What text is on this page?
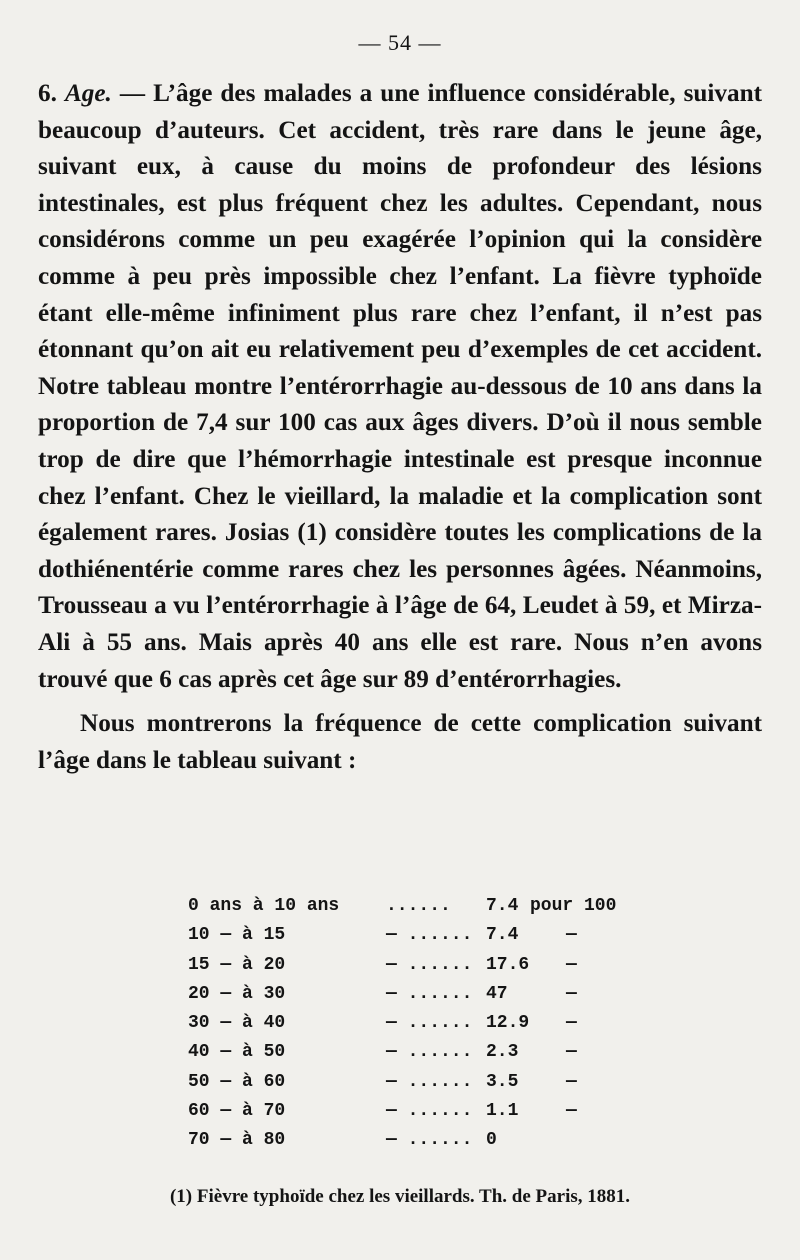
— 54 —

6. Age. — L’âge des malades a une influence considérable, suivant beaucoup d’auteurs. Cet accident, très rare dans le jeune âge, suivant eux, à cause du moins de profondeur des lésions intestinales, est plus fréquent chez les adultes. Cependant, nous considérons comme un peu exagérée l’opinion qui la considère comme à peu près impossible chez l’enfant. La fièvre typhoïde étant elle-même infiniment plus rare chez l’enfant, il n’est pas étonnant qu’on ait eu relativement peu d’exemples de cet accident. Notre tableau montre l’entérorrhagie au-dessous de 10 ans dans la proportion de 7,4 sur 100 cas aux âges divers. D’où il nous semble trop de dire que l’hémorrhagie intestinale est presque inconnue chez l’enfant. Chez le vieillard, la maladie et la complication sont également rares. Josias (1) considère toutes les complications de la dothiénentérie comme rares chez les personnes âgées. Néanmoins, Trousseau a vu l’entérorrhagie à l’âge de 64, Leudet à 59, et Mirza-Ali à 55 ans. Mais après 40 ans elle est rare. Nous n’en avons trouvé que 6 cas après cet âge sur 89 d’entérorrhagies.

Nous montrerons la fréquence de cette complication suivant l’âge dans le tableau suivant :

0 ans à 10 ans	...... 7.4 pour 100
10 — à 15	— ...... 7.4	—
15 — à 20	— ...... 17.6 —
20 — à 30	— ...... 47	—
30 — à 40	— ...... 12.9 —
40 — à 50	— ...... 2.3	—
50 — à 60	— ...... 3.5	—
60 — à 70	— ...... 1.1	—
70 — à 80	— ...... 0
(1) Fièvre typhoïde chez les vieillards. Th. de Paris, 1881.
